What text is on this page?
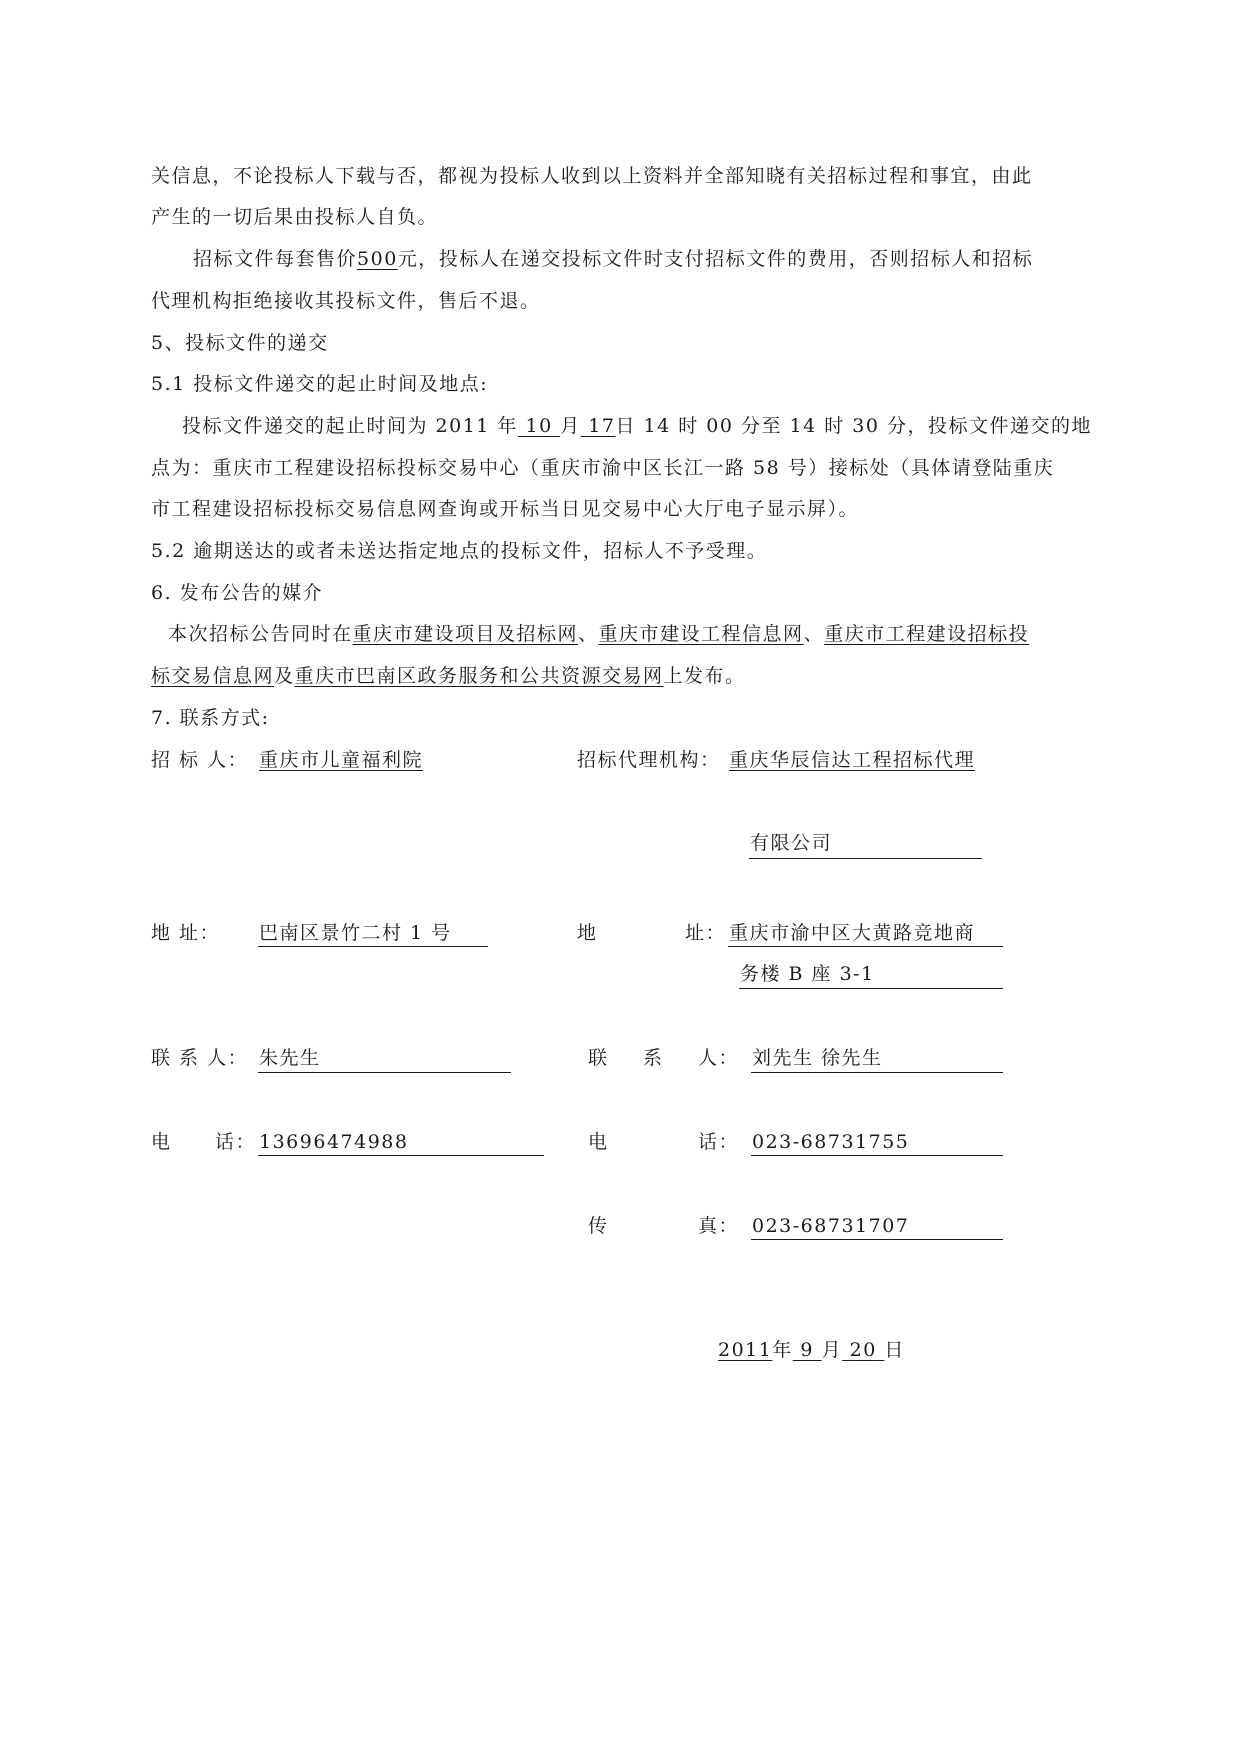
关信息，不论投标人下载与否，都视为投标人收到以上资料并全部知晓有关招标过程和事宜，由此
产生的一切后果由投标人自负。
招标文件每套售价500元，投标人在递交投标文件时支付招标文件的费用，否则招标人和招标
代理机构拒绝接收其投标文件，售后不退。
5、投标文件的递交
5.1 投标文件递交的起止时间及地点:
投标文件递交的起止时间为 2011 年 10 月 17日 14 时 00 分至 14 时 30 分，投标文件递交的地
点为：重庆市工程建设招标投标交易中心（重庆市渝中区长江一路 58 号）接标处（具体请登陆重庆
市工程建设招标投标交易信息网查询或开标当日见交易中心大厅电子显示屏）。
5.2 逾期送达的或者未送达指定地点的投标文件，招标人不予受理。
6. 发布公告的媒介
本次招标公告同时在重庆市建设项目及招标网、重庆市建设工程信息网、重庆市工程建设招标投
标交易信息网及重庆市巴南区政务服务和公共资源交易网上发布。
7. 联系方式:
招 标 人： 重庆市儿童福利院	招标代理机构： 重庆华辰信达工程招标代理
有限公司
地 址： 巴南区景竹二村 1 号	地	址： 重庆市渝中区大黄路竞地商
务楼 B 座 3-1
联 系 人： 朱先生	联 系 人： 刘先生 徐先生
电 话： 13696474988	电	话： 023-68731755
传	真： 023-68731707
2011年 9 月 20 日
